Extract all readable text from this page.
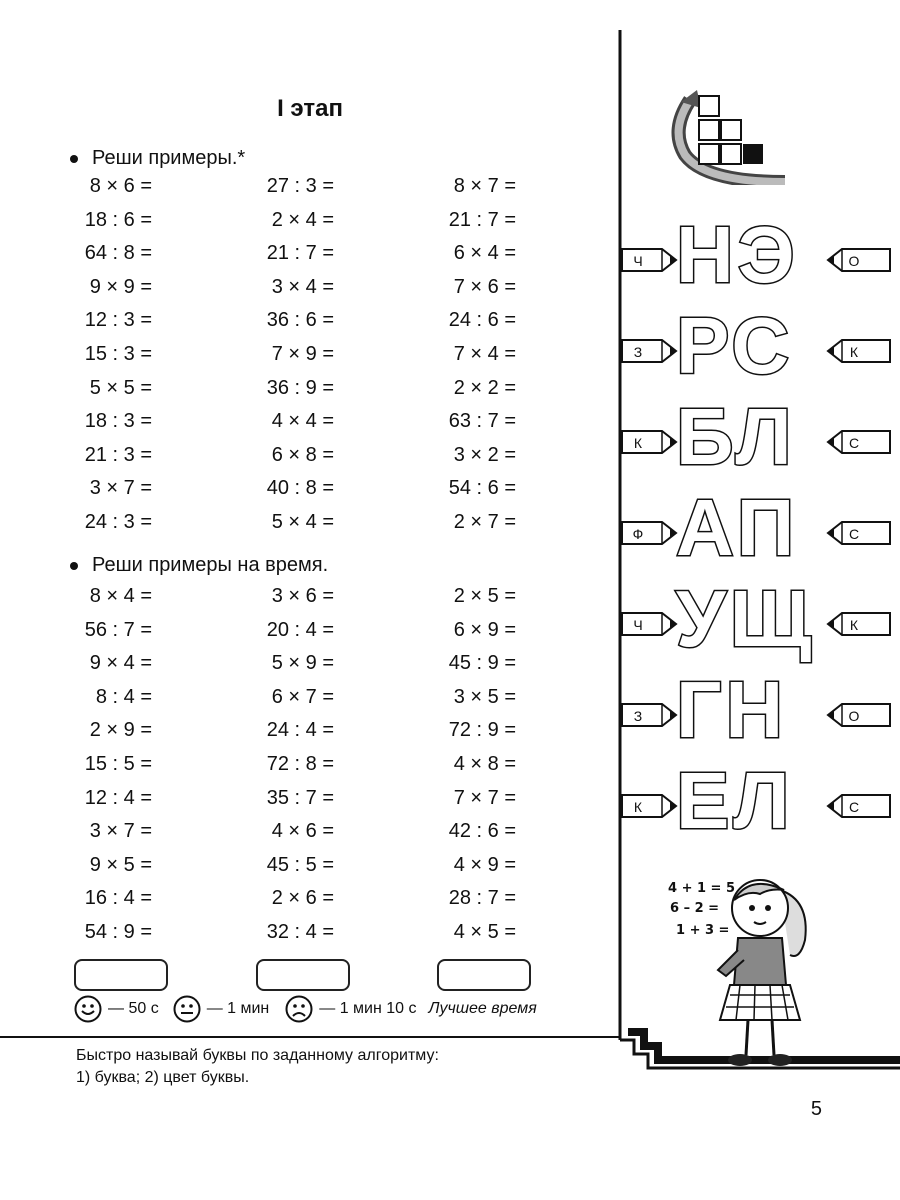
I этап
Реши примеры.*
8 × 6 =	27 : 3 =	8 × 7 =
18 : 6 =	2 × 4 =	21 : 7 =
64 : 8 =	21 : 7 =	6 × 4 =
9 × 9 =	3 × 4 =	7 × 6 =
12 : 3 =	36 : 6 =	24 : 6 =
15 : 3 =	7 × 9 =	7 × 4 =
5 × 5 =	36 : 9 =	2 × 2 =
18 : 3 =	4 × 4 =	63 : 7 =
21 : 3 =	6 × 8 =	3 × 2 =
3 × 7 =	40 : 8 =	54 : 6 =
24 : 3 =	5 × 4 =	2 × 7 =
Реши примеры на время.
8 × 4 =	3 × 6 =	2 × 5 =
56 : 7 =	20 : 4 =	6 × 9 =
9 × 4 =	5 × 9 =	45 : 9 =
8 : 4 =	6 × 7 =	3 × 5 =
2 × 9 =	24 : 4 =	72 : 9 =
15 : 5 =	72 : 8 =	4 × 8 =
12 : 4 =	35 : 7 =	7 × 7 =
3 × 7 =	4 × 6 =	42 : 6 =
9 × 5 =	45 : 5 =	4 × 9 =
16 : 4 =	2 × 6 =	28 : 7 =
54 : 9 =	32 : 4 =	4 × 5 =
— 50 с	— 1 мин	— 1 мин 10 с Лучшее время
Быстро называй буквы по заданному алгоритму:
1) буква; 2) цвет буквы.
5
Ч НЭ	О
З РС	К
К БЛ	С
Ф АП	С
Ч УЩ К
З ГН	О
К ЕЛ	С
4 + 1 = 5
6 – 2 =
1 + 3 =
